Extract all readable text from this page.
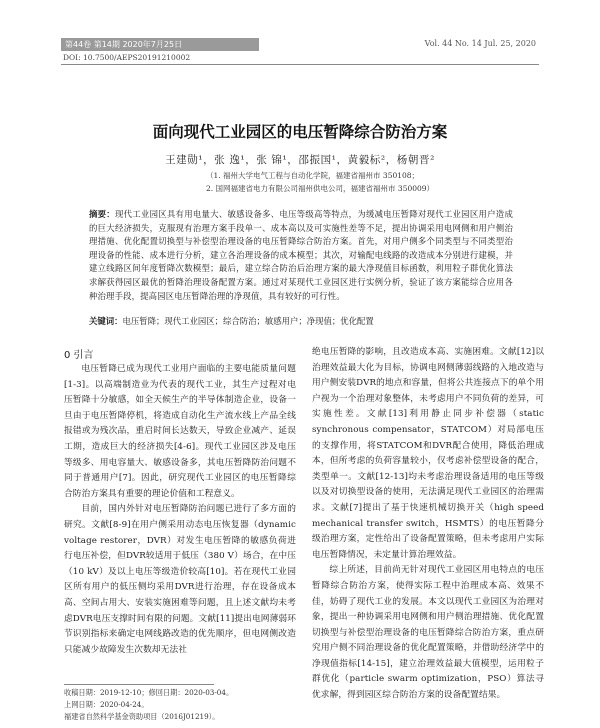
第44卷 第14期 2020年7月25日	Vol. 44 No. 14 Jul. 25, 2020
DOI: 10.7500/AEPS20191210002
面向现代工业园区的电压暂降综合防治方案
王建勋¹，张 逸¹，张 锦¹，邵振国¹，黄毅标²，杨朝晋²
（1. 福州大学电气工程与自动化学院，福建省福州市 350108；
2. 国网福建省电力有限公司福州供电公司，福建省福州市 350009）
摘要：现代工业园区具有用电量大、敏感设备多、电压等级高等特点，为缓减电压暂降对现代工业园区用户造成的巨大经济损失，克服现有治理方案手段单一、成本高以及可实施性差等不足，提出协调采用电网侧和用户侧治理措施、优化配置切换型与补偿型治理设备的电压暂降综合防治方案。首先，对用户侧多个同类型与不同类型治理设备的性能、成本进行分析，建立各治理设备的成本模型；其次，对输配电线路的改造成本分别进行建模，并建立线路区间年度暂降次数模型；最后，建立综合防治后治理方案的最大净现值目标函数，利用粒子群优化算法求解获得园区最优的暂降治理设备配置方案。通过对某现代工业园区进行实例分析，验证了该方案能综合应用各种治理手段，提高园区电压暂降治理的净现值，具有较好的可行性。
关键词：电压暂降；现代工业园区；综合防治；敏感用户；净现值；优化配置
0 引言

电压暂降已成为现代工业用户面临的主要电能质量问题[1-3]。以高端制造业为代表的现代工业，其生产过程对电压暂降十分敏感，如全天候生产的半导体制造企业，设备一旦由于电压暂降停机，将造成自动化生产流水线上产品全线报错或为残次品，重启时间长达数天，导致企业减产、延误工期，造成巨大的经济损失[4-6]。现代工业园区涉及电压等级多、用电容量大、敏感设备多，其电压暂降防治问题不同于普通用户[7]。因此，研究现代工业园区的电压暂降综合防治方案具有重要的理论价值和工程意义。

目前，国内外针对电压暂降防治问题已进行了多方面的研究。文献[8-9]在用户侧采用动态电压恢复器（dynamic voltage restorer，DVR）对发生电压暂降的敏感负荷进行电压补偿，但DVR较适用于低压（380 V）场合，在中压（10 kV）及以上电压等级造价较高[10]。若在现代工业园区所有用户的低压侧均采用DVR进行治理，存在设备成本高、空间占用大、安装实施困难等问题，且上述文献均未考虑DVR电压支撑时间有限的问题。文献[11]提出电网薄弱环节识别指标来确定电网线路改造的优先顺序，但电网侧改造只能减少故障发生次数却无法社

绝电压暂降的影响，且改造成本高、实施困难。文献[12]以治理效益最大化为目标，协调电网侧薄弱线路的入地改造与用户侧安装DVR的地点和容量，但将公共连接点下的单个用户视为一个治理对象整体，未考虑用户不同负荷的差异，可实施性差。文献[13]利用静止同步补偿器（static synchronous compensator，STATCOM）对局部电压的支撑作用，将STATCOM和DVR配合使用，降低治理成本，但所考虑的负荷容量较小，仅考虑补偿型设备的配合，类型单一。文献[12-13]均未考虑治理设备适用的电压等级以及对切换型设备的使用，无法满足现代工业园区的治理需求。文献[7]提出了基于快速机械切换开关（high speed mechanical transfer switch，HSMTS）的电压暂降分级治理方案，定性给出了设备配置策略，但未考虑用户实际电压暂降情况，未定量计算治理效益。

综上所述，目前尚无针对现代工业园区用电特点的电压暂降综合防治方案，使得实际工程中治理成本高、效果不佳，妨碍了现代工业的发展。本文以现代工业园区为治理对象，提出一种协调采用电网侧和用户侧治理措施、优化配置切换型与补偿型治理设备的电压暂降综合防治方案，重点研究用户侧不同治理设备的优化配置策略，并借助经济学中的净现值指标[14-15]，建立治理效益最大值模型，运用粒子群优化（particle swarm optimization，PSO）算法寻优求解，得到园区综合防治方案的设备配置结果。

收稿日期：2019-12-10；修回日期：2020-03-04。
上网日期：2020-04-24。
福建省自然科学基金资助项目（2016J01219）。
